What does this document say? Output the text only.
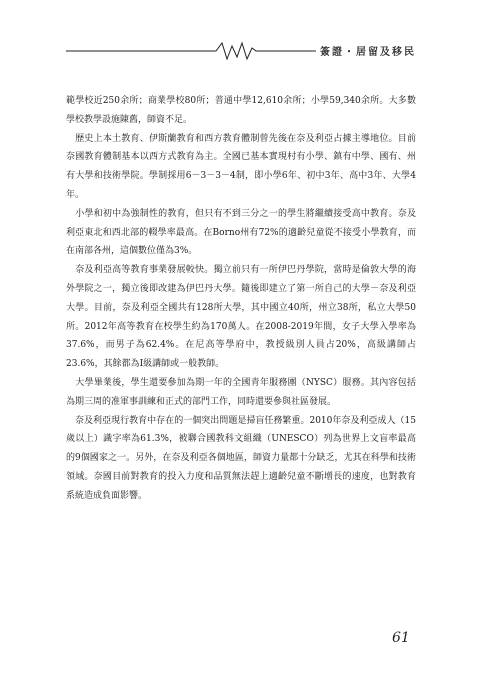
簽證・居留及移民

範學校近250余所；商業學校80所；普通中學12,610余所；小學59,340余所。大多數學校教學設施陳舊，師資不足。

　歷史上本土教育、伊斯蘭教育和西方教育體制曾先後在奈及利亞占據主導地位。目前奈國教育體制基本以西方式教育為主。全國已基本實現村有小學、鎮有中學、國有、州有大學和技術學院。學制採用6－3－3－4制，即小學6年、初中3年、高中3年、大學4年。

　小學和初中為強制性的教育，但只有不到三分之一的學生將繼續接受高中教育。奈及利亞東北和西北部的輟學率最高。在Borno州有72%的適齡兒童從不接受小學教育，而在南部各州，這個數位僅為3%。

　奈及利亞高等教育事業發展較快。獨立前只有一所伊巴丹學院，當時是倫敦大學的海外學院之一，獨立後即改建為伊巴丹大學。隨後即建立了第一所自己的大學－奈及利亞大學。目前，奈及利亞全國共有128所大學，其中國立40所，州立38所，私立大學50所。2012年高等教育在校學生約為170萬人。在2008-2019年間，女子大學入學率為37.6%，而男子為62.4%。在尼高等學府中，教授級別人員占20%，高級講師占23.6%，其餘都為Ⅰ級講師或一般教師。

　大學畢業後，學生還要參加為期一年的全國青年服務團（NYSC）服務。其內容包括為期三周的准軍事訓練和正式的部門工作，同時還要參與社區發展。

　奈及利亞現行教育中存在的一個突出問題是掃盲任務繁重。2010年奈及利亞成人（15歲以上）識字率為61.3%，被聯合國教科文組織（UNESCO）列為世界上文盲率最高的9個國家之一。另外，在奈及利亞各個地區，師資力量都十分缺乏，尤其在科學和技術領域。奈國目前對教育的投入力度和品質無法趕上適齡兒童不斷增長的速度，也對教育系統造成負面影響。

61
